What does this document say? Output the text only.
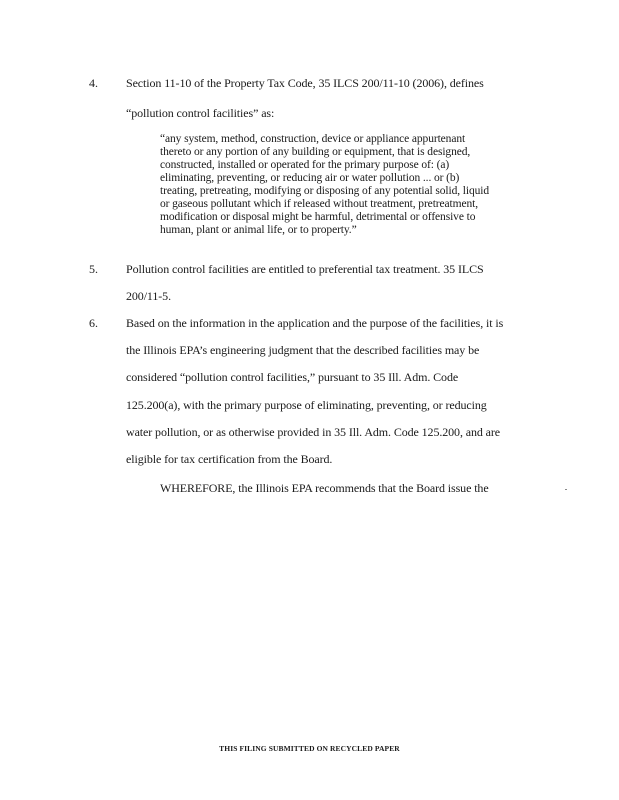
4. Section 11-10 of the Property Tax Code, 35 ILCS 200/11-10 (2006), defines
“pollution control facilities” as:
“any system, method, construction, device or appliance appurtenant
thereto or any portion of any building or equipment, that is designed,
constructed, installed or operated for the primary purpose of: (a)
eliminating, preventing, or reducing air or water pollution ... or (b)
treating, pretreating, modifying or disposing of any potential solid, liquid
or gaseous pollutant which if released without treatment, pretreatment,
modification or disposal might be harmful, detrimental or offensive to
human, plant or animal life, or to property.”
5. Pollution control facilities are entitled to preferential tax treatment. 35 ILCS
200/11-5.
6. Based on the information in the application and the purpose of the facilities, it is
the Illinois EPA’s engineering judgment that the described facilities may be
considered “pollution control facilities,” pursuant to 35 Ill. Adm. Code
125.200(a), with the primary purpose of eliminating, preventing, or reducing
water pollution, or as otherwise provided in 35 Ill. Adm. Code 125.200, and are
eligible for tax certification from the Board.
WHEREFORE, the Illinois EPA recommends that the Board issue the
THIS FILING SUBMITTED ON RECYCLED PAPER
